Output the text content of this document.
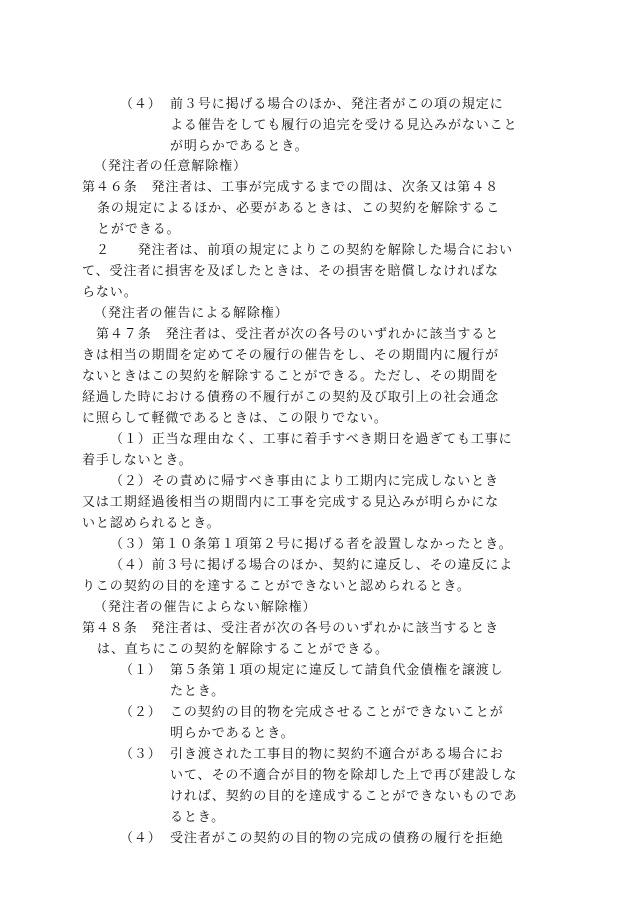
（４） 前３号に掲げる場合のほか、発注者がこの項の規定に
よる催告をしても履行の追完を受ける見込みがないこと
が明らかであるとき。
（発注者の任意解除権）
第４６条　発注者は、工事が完成するまでの間は、次条又は第４８
条の規定によるほか、必要があるときは、この契約を解除するこ
とができる。
２　　発注者は、前項の規定によりこの契約を解除した場合におい
て、受注者に損害を及ぼしたときは、その損害を賠償しなければな
らない。
（発注者の催告による解除権）
第４７条　発注者は、受注者が次の各号のいずれかに該当すると
きは相当の期間を定めてその履行の催告をし、その期間内に履行が
ないときはこの契約を解除することができる。ただし、その期間を
経過した時における債務の不履行がこの契約及び取引上の社会通念
に照らして軽微であるときは、この限りでない。
（１）正当な理由なく、工事に着手すべき期日を過ぎても工事に
着手しないとき。
（２）その責めに帰すべき事由により工期内に完成しないとき
又は工期経過後相当の期間内に工事を完成する見込みが明らかにな
いと認められるとき。
（３）第１０条第１項第２号に掲げる者を設置しなかったとき。
（４）前３号に掲げる場合のほか、契約に違反し、その違反によ
りこの契約の目的を達することができないと認められるとき。
（発注者の催告によらない解除権）
第４８条　発注者は、受注者が次の各号のいずれかに該当するとき
は、直ちにこの契約を解除することができる。
（１） 第５条第１項の規定に違反して請負代金債権を譲渡し
たとき。
（２） この契約の目的物を完成させることができないことが
明らかであるとき。
（３） 引き渡された工事目的物に契約不適合がある場合にお
いて、その不適合が目的物を除却した上で再び建設しな
ければ、契約の目的を達成することができないものであ
るとき。
（４） 受注者がこの契約の目的物の完成の債務の履行を拒絶
